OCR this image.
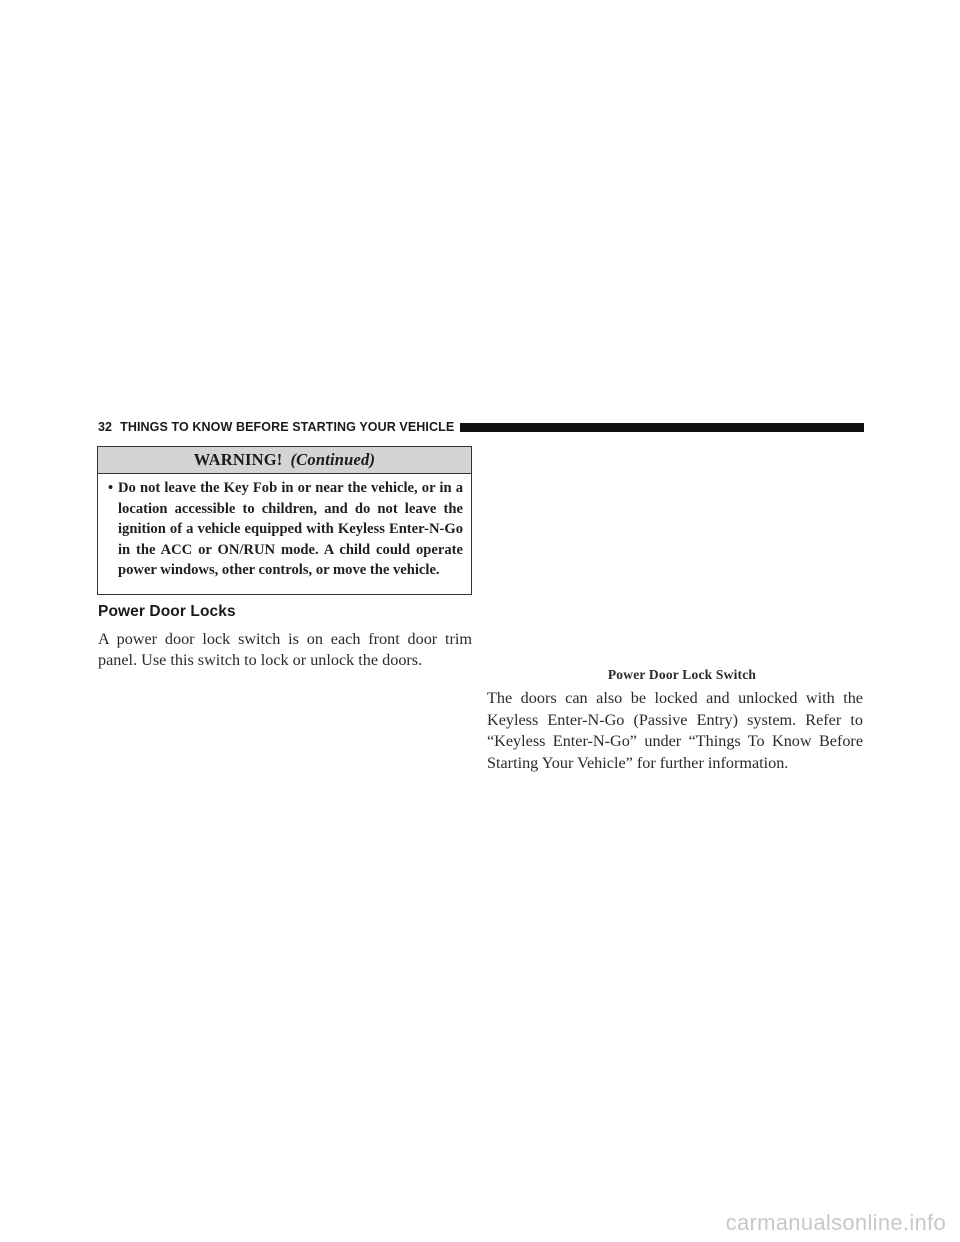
32 THINGS TO KNOW BEFORE STARTING YOUR VEHICLE
WARNING! (Continued)
• Do not leave the Key Fob in or near the vehicle, or in a location accessible to children, and do not leave the ignition of a vehicle equipped with Keyless Enter-N-Go in the ACC or ON/RUN mode. A child could operate power windows, other controls, or move the vehicle.
Power Door Locks

A power door lock switch is on each front door trim panel. Use this switch to lock or unlock the doors.

Power Door Lock Switch

The doors can also be locked and unlocked with the Keyless Enter-N-Go (Passive Entry) system. Refer to “Keyless Enter-N-Go” under “Things To Know Before Starting Your Vehicle” for further information.

carmanualsonline.info
